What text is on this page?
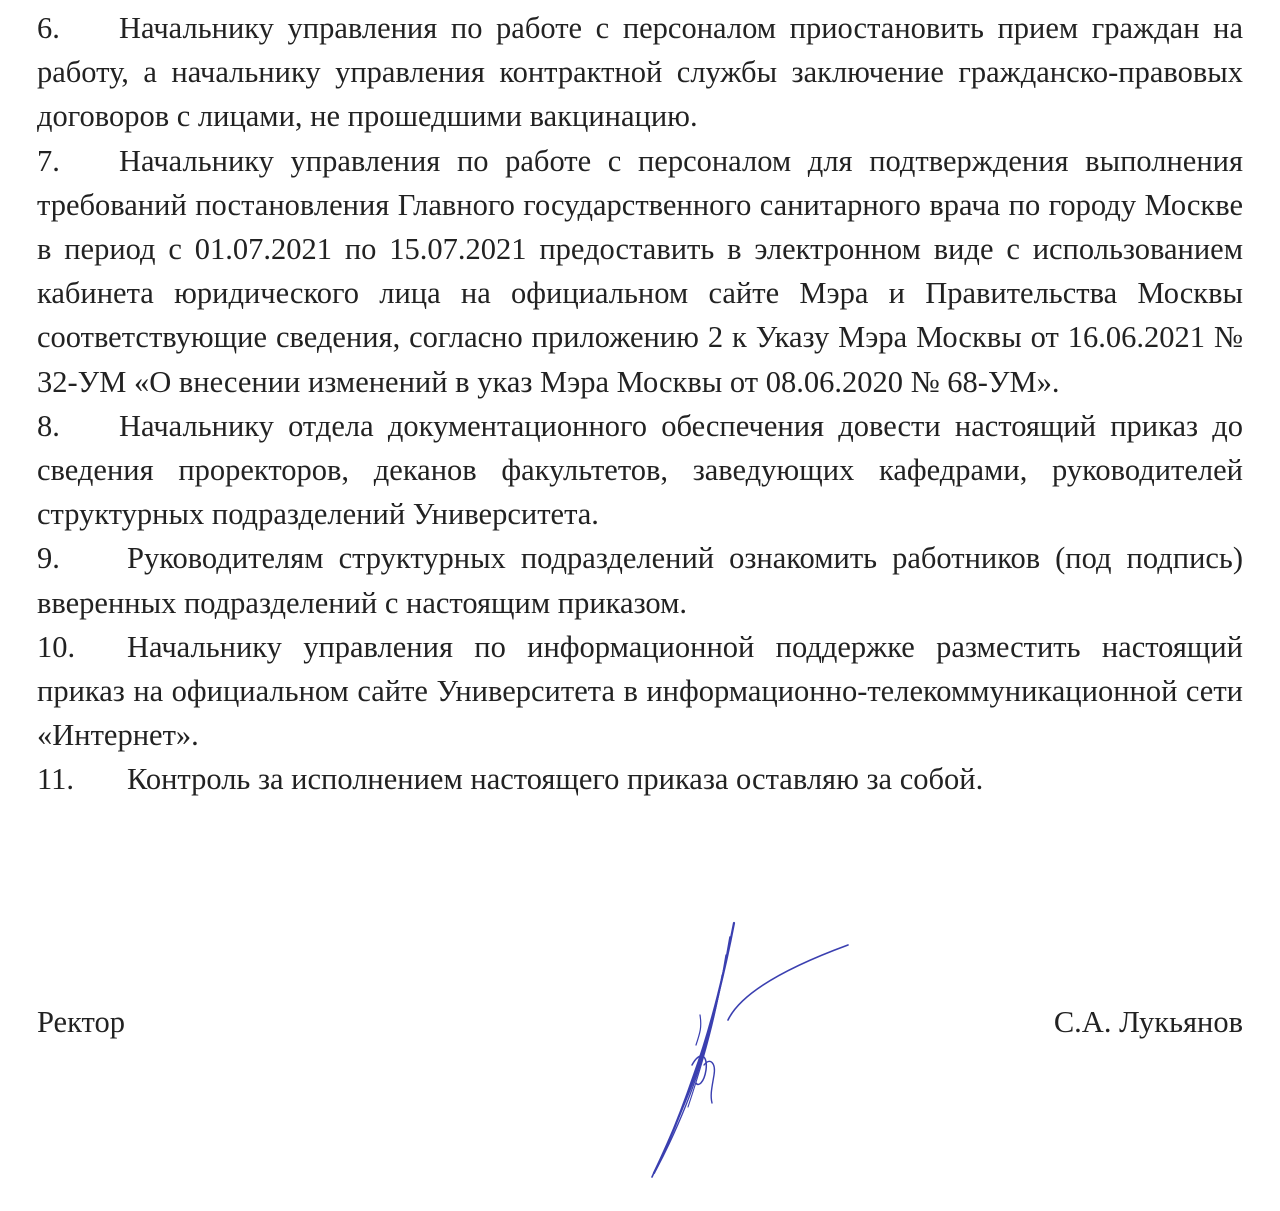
6. Начальнику управления по работе с персоналом приостановить прием граждан на работу, а начальнику управления контрактной службы заключение гражданско-правовых договоров с лицами, не прошедшими вакцинацию.

7. Начальнику управления по работе с персоналом для подтверждения выполнения требований постановления Главного государственного санитарного врача по городу Москве в период с 01.07.2021 по 15.07.2021 предоставить в электронном виде с использованием кабинета юридического лица на официальном сайте Мэра и Правительства Москвы соответствующие сведения, согласно приложению 2 к Указу Мэра Москвы от 16.06.2021 № 32-УМ «О внесении изменений в указ Мэра Москвы от 08.06.2020 № 68-УМ».

8. Начальнику отдела документационного обеспечения довести настоящий приказ до сведения проректоров, деканов факультетов, заведующих кафедрами, руководителей структурных подразделений Университета.

9. Руководителям структурных подразделений ознакомить работников (под подпись) вверенных подразделений с настоящим приказом.

10. Начальнику управления по информационной поддержке разместить настоящий приказ на официальном сайте Университета в информационно-телекоммуникационной сети «Интернет».

11. Контроль за исполнением настоящего приказа оставляю за собой.

Ректор	С.А. Лукьянов
